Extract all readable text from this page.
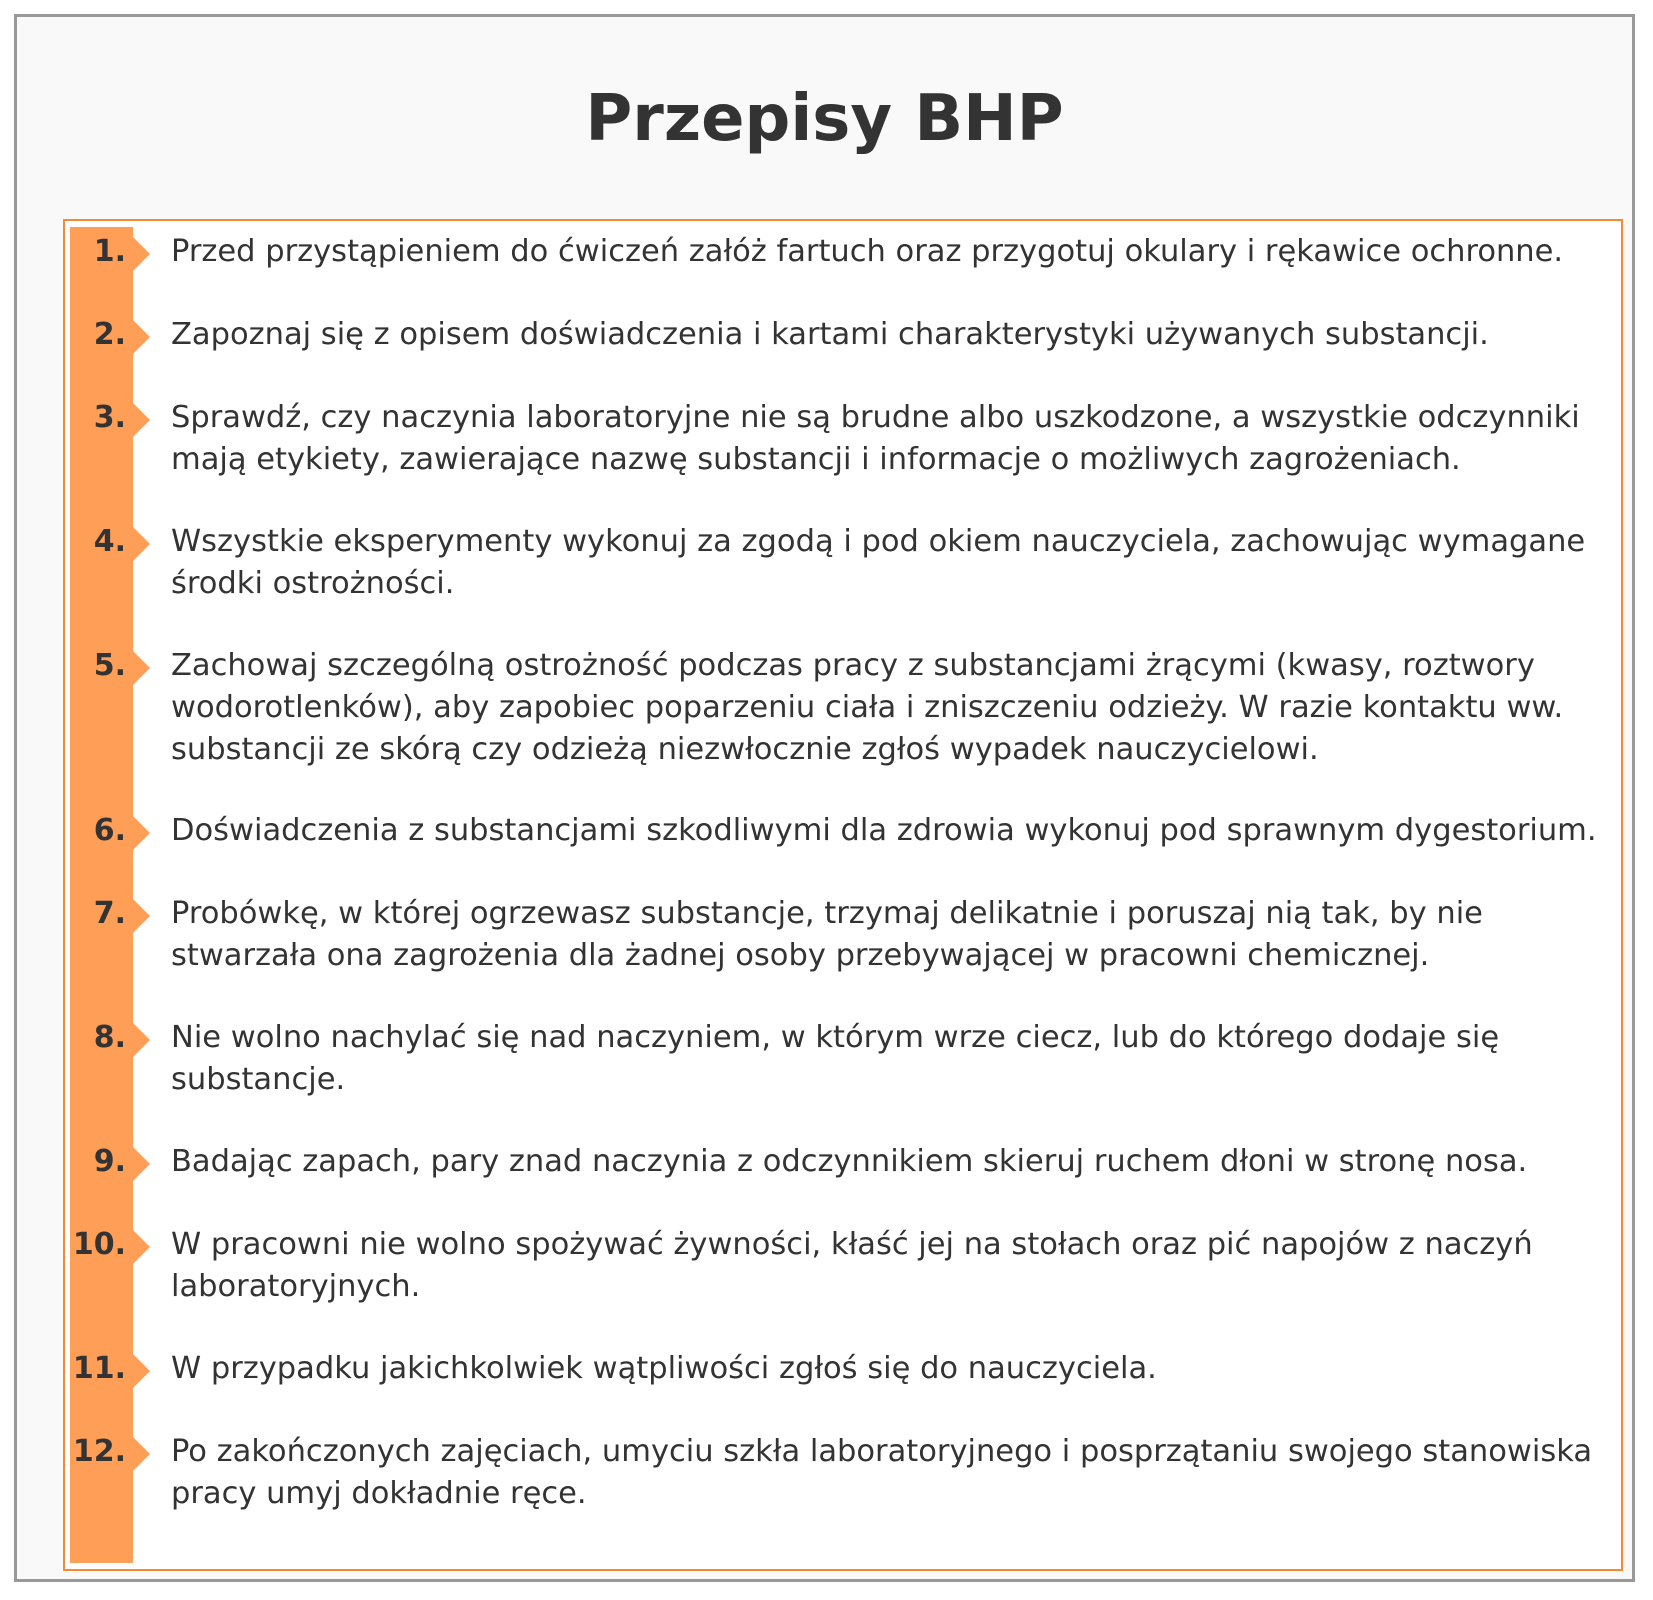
Przepisy BHP
1. Przed przystąpieniem do ćwiczeń załóż fartuch oraz przygotuj okulary i rękawice ochronne.
2. Zapoznaj się z opisem doświadczenia i kartami charakterystyki używanych substancji.
3. Sprawdź, czy naczynia laboratoryjne nie są brudne albo uszkodzone, a wszystkie odczynniki mają etykiety, zawierające nazwę substancji i informacje o możliwych zagrożeniach.
4. Wszystkie eksperymenty wykonuj za zgodą i pod okiem nauczyciela, zachowując wymagane środki ostrożności.
5. Zachowaj szczególną ostrożność podczas pracy z substancjami żrącymi (kwasy, roztwory wodorotlenków), aby zapobiec poparzeniu ciała i zniszczeniu odzieży. W razie kontaktu ww. substancji ze skórą czy odzieżą niezwłocznie zgłoś wypadek nauczycielowi.
6. Doświadczenia z substancjami szkodliwymi dla zdrowia wykonuj pod sprawnym dygestorium.
7. Probówkę, w której ogrzewasz substancje, trzymaj delikatnie i poruszaj nią tak, by nie stwarzała ona zagrożenia dla żadnej osoby przebywającej w pracowni chemicznej.
8. Nie wolno nachylać się nad naczyniem, w którym wrze ciecz, lub do którego dodaje się substancje.
9. Badając zapach, pary znad naczynia z odczynnikiem skieruj ruchem dłoni w stronę nosa.
10. W pracowni nie wolno spożywać żywności, kłaść jej na stołach oraz pić napojów z naczyń laboratoryjnych.
11. W przypadku jakichkolwiek wątpliwości zgłoś się do nauczyciela.
12. Po zakończonych zajęciach, umyciu szkła laboratoryjnego i posprzątaniu swojego stanowiska pracy umyj dokładnie ręce.
